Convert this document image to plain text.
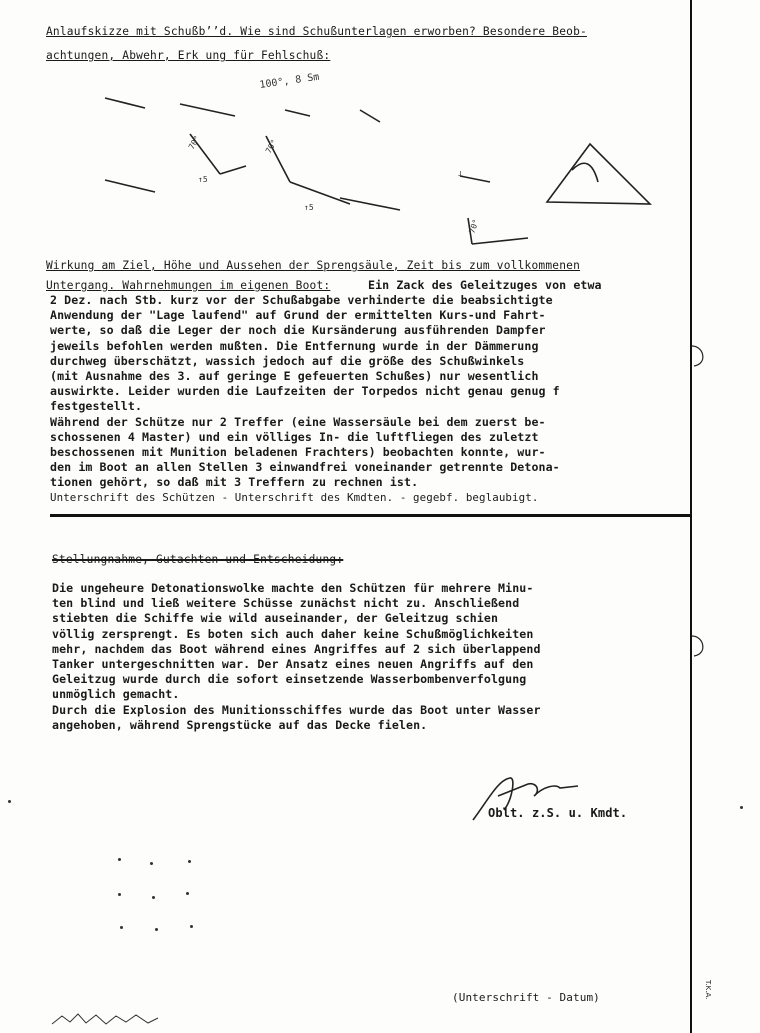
Anlaufskizze mit Schußb’’d. Wie sind Schußunterlagen erworben? Besondere Beob-
achtungen, Abwehr, Erk ung für Fehlschuß:
100°, 8 Sm
70°	70°
↑5
↑5
⊥
70°
Wirkung am Ziel, Höhe und Aussehen der Sprengsäule, Zeit bis zum vollkommenen
Untergang. Wahrnehmungen im eigenen Boot:	Ein Zack des Geleitzuges von etwa
2 Dez. nach Stb. kurz vor der Schußabgabe verhinderte die beabsichtigte
Anwendung der "Lage laufend" auf Grund der ermittelten Kurs-und Fahrt-
werte, so daß die Leger der noch die Kursänderung ausführenden Dampfer
jeweils befohlen werden mußten. Die Entfernung wurde in der Dämmerung
durchweg überschätzt, wassich jedoch auf die größe des Schußwinkels
(mit Ausnahme des 3. auf geringe E gefeuerten Schußes) nur wesentlich
auswirkte. Leider wurden die Laufzeiten der Torpedos nicht genau genug f
festgestellt.
Während der Schütze nur 2 Treffer (eine Wassersäule bei dem zuerst be-
schossenen 4 Master) und ein völliges In- die luftfliegen des zuletzt
beschossenen mit Munition beladenen Frachters) beobachten konnte, wur-
den im Boot an allen Stellen 3 einwandfrei voneinander getrennte Detona-
tionen gehört, so daß mit 3 Treffern zu rechnen ist.
Unterschrift des Schützen - Unterschrift des Kmdten. - gegebf. beglaubigt.
Stellungnahme, Gutachten und Entscheidung:
Die ungeheure Detonationswolke machte den Schützen für mehrere Minu-
ten blind und ließ weitere Schüsse zunächst nicht zu. Anschließend
stiebten die Schiffe wie wild auseinander, der Geleitzug schien
völlig zersprengt. Es boten sich auch daher keine Schußmöglichkeiten
mehr, nachdem das Boot während eines Angriffes auf 2 sich überlappend
Tanker untergeschnitten war. Der Ansatz eines neuen Angriffs auf den
Geleitzug wurde durch die sofort einsetzende Wasserbombenverfolgung
unmöglich gemacht.
Durch die Explosion des Munitionsschiffes wurde das Boot unter Wasser
angehoben, während Sprengstücke auf das Decke fielen.
Oblt. z.S. u. Kmdt.
(Unterschrift - Datum)	T.K.A.
